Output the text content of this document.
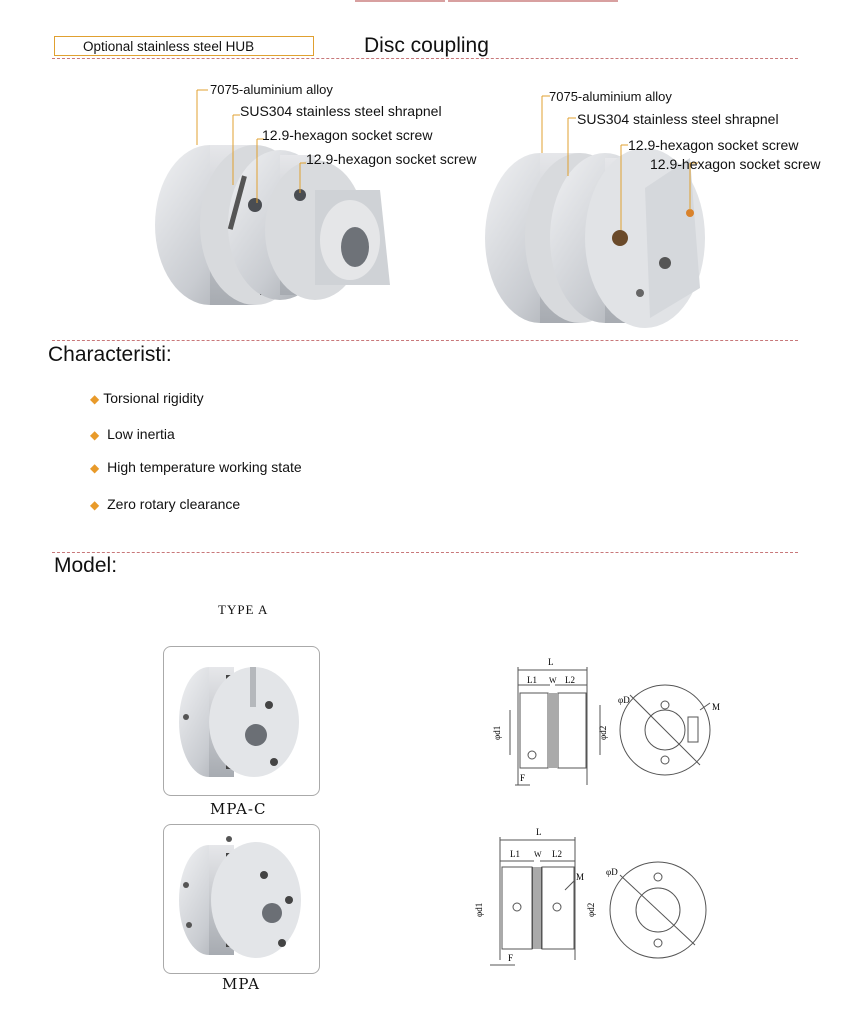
Optional stainless steel HUB	Disc coupling
7075-aluminium alloy
SUS304 stainless steel shrapnel
12.9-hexagon socket screw
12.9-hexagon socket screw
7075-aluminium alloy
SUS304 stainless steel shrapnel
12.9-hexagon socket screw
12.9-hexagon socket screw
Characteristi:
◆ Torsional rigidity
◆ Low inertia
◆ High temperature working state
◆ Zero rotary clearance
Model:
TYPE A
MPA-C
MPA
L
L1 W L2
φd1	φd2
F
φD
M
L
L1 W L2
φd1	φd2
F
φD
M
